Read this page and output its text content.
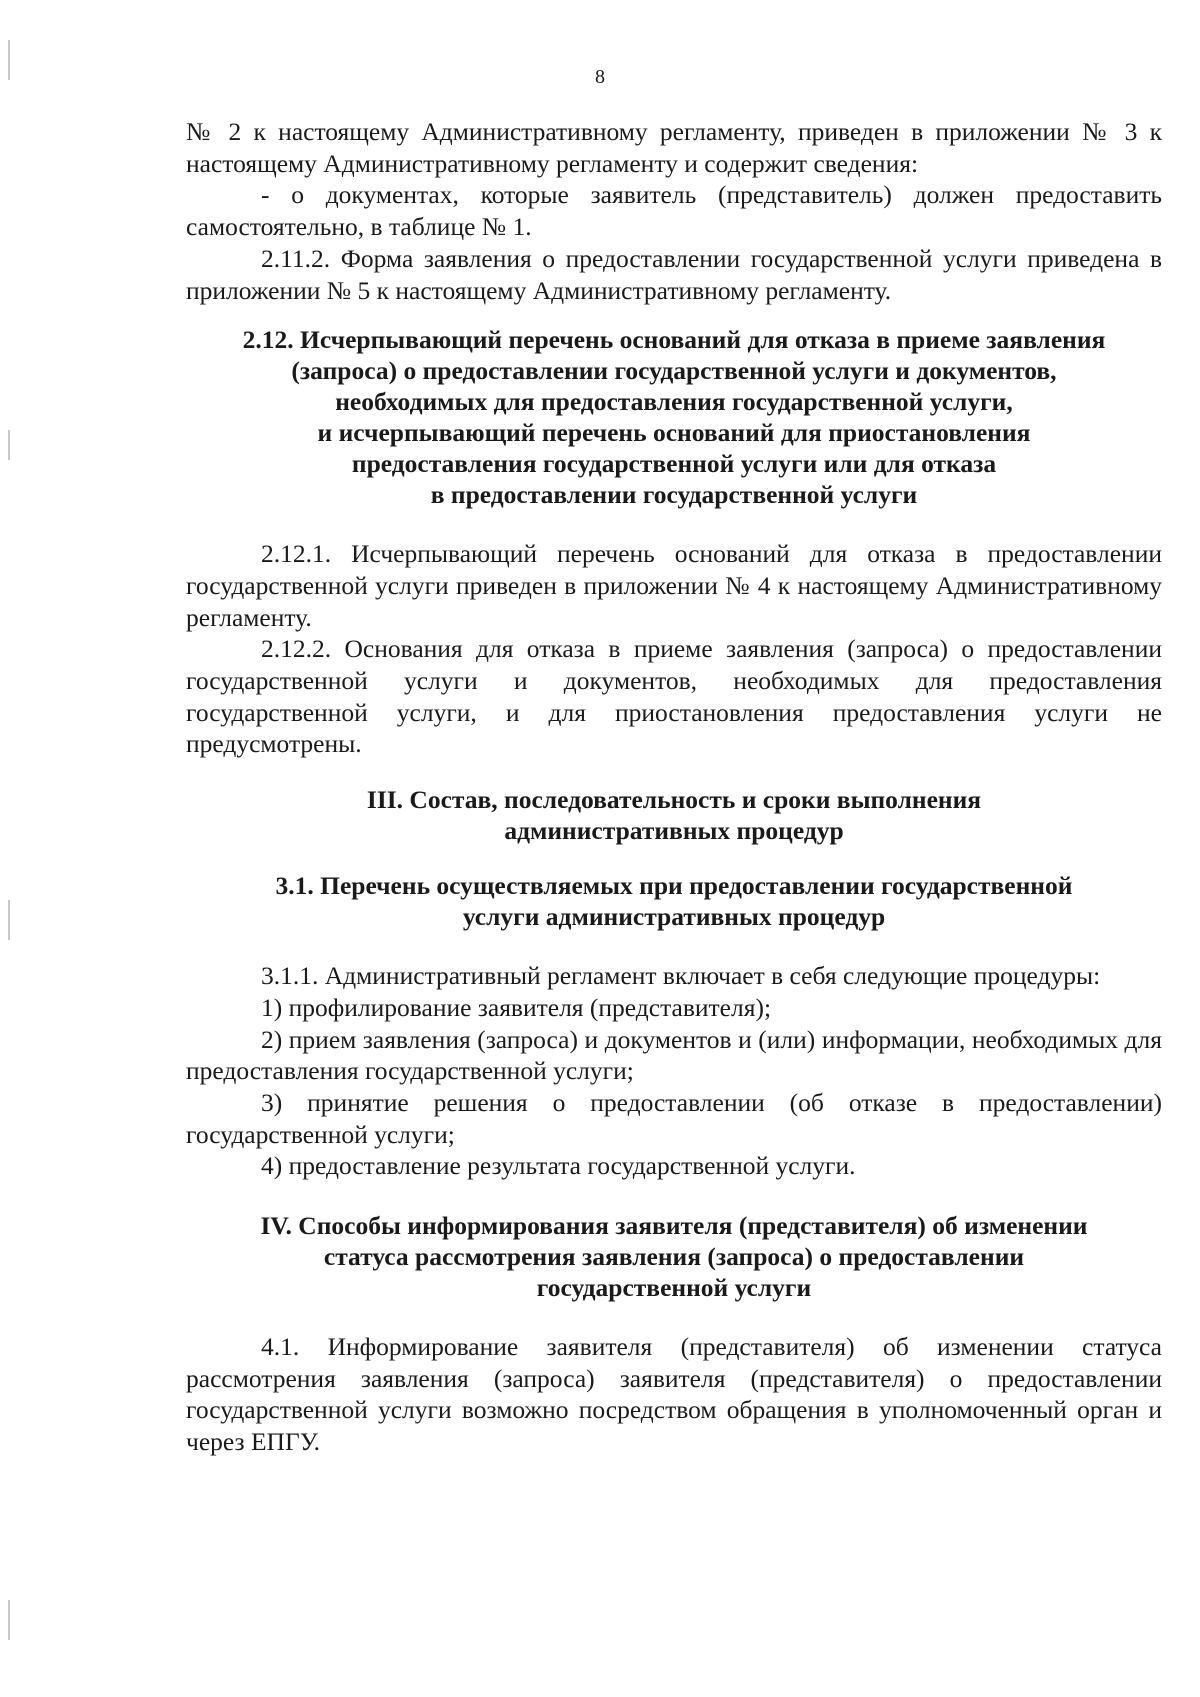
8

№ 2 к настоящему Административному регламенту, приведен в приложении № 3 к настоящему Административному регламенту и содержит сведения:

- о документах, которые заявитель (представитель) должен предоставить самостоятельно, в таблице № 1.

2.11.2. Форма заявления о предоставлении государственной услуги приведена в приложении № 5 к настоящему Административному регламенту.

2.12. Исчерпывающий перечень оснований для отказа в приеме заявления
(запроса) о предоставлении государственной услуги и документов,
необходимых для предоставления государственной услуги,
и исчерпывающий перечень оснований для приостановления
предоставления государственной услуги или для отказа
в предоставлении государственной услуги

2.12.1. Исчерпывающий перечень оснований для отказа в предоставлении государственной услуги приведен в приложении № 4 к настоящему Административному регламенту.

2.12.2. Основания для отказа в приеме заявления (запроса) о предоставлении государственной услуги и документов, необходимых для предоставления государственной услуги, и для приостановления предоставления услуги не предусмотрены.

III. Состав, последовательность и сроки выполнения
административных процедур
3.1. Перечень осуществляемых при предоставлении государственной
услуги административных процедур

3.1.1. Административный регламент включает в себя следующие процедуры:

1) профилирование заявителя (представителя);

2) прием заявления (запроса) и документов и (или) информации, необходимых для предоставления государственной услуги;

3) принятие решения о предоставлении (об отказе в предоставлении) государственной услуги;

4) предоставление результата государственной услуги.

IV. Способы информирования заявителя (представителя) об изменении
статуса рассмотрения заявления (запроса) о предоставлении
государственной услуги

4.1. Информирование заявителя (представителя) об изменении статуса рассмотрения заявления (запроса) заявителя (представителя) о предоставлении государственной услуги возможно посредством обращения в уполномоченный орган и через ЕПГУ.
